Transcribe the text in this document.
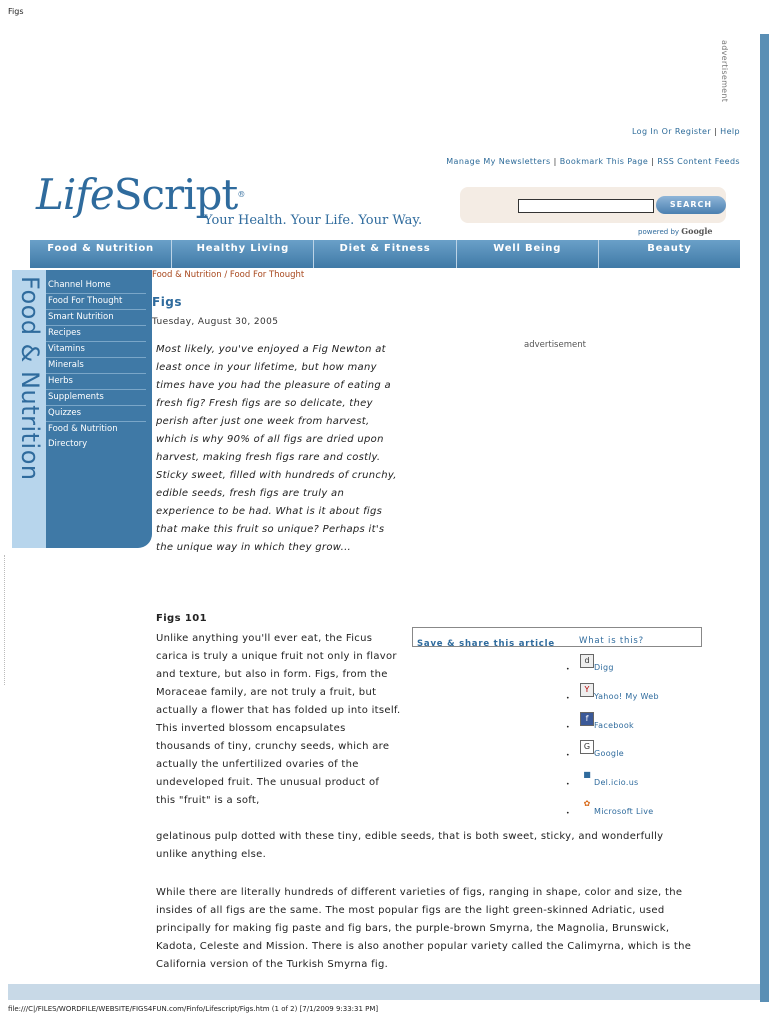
Figs
advertisement
Log In Or Register | Help
Manage My Newsletters | Bookmark This Page | RSS Content Feeds
LifeScript®
Your Health. Your Life. Your Way.
SEARCH
powered by Google
Food & Nutrition	Healthy Living	Diet & Fitness	Well Being	Beauty
Food & Nutrition Channel Home
Food For Thought
Smart Nutrition
Recipes
Vitamins
Minerals
Herbs
Supplements
Quizzes
Food & Nutrition
Directory
Food & Nutrition / Food For Thought
Figs
Tuesday, August 30, 2005
Most likely, you've enjoyed a Fig Newton at least once in your lifetime, but how many times have you had the pleasure of eating a fresh fig? Fresh figs are so delicate, they perish after just one week from harvest, which is why 90% of all figs are dried upon harvest, making fresh figs rare and costly. Sticky sweet, filled with hundreds of crunchy, edible seeds, fresh figs are truly an experience to be had. What is it about figs that make this fruit so unique? Perhaps it's the unique way in which they grow...
advertisement
Figs 101
Unlike anything you'll ever eat, the Ficus carica is truly a unique fruit not only in flavor and texture, but also in form. Figs, from the Moraceae family, are not truly a fruit, but actually a flower that has folded up into itself. This inverted blossom encapsulates thousands of tiny, crunchy seeds, which are actually the unfertilized ovaries of the undeveloped fruit. The unusual product of this "fruit" is a soft,
gelatinous pulp dotted with these tiny, edible seeds, that is both sweet, sticky, and wonderfully unlike anything else.
While there are literally hundreds of different varieties of figs, ranging in shape, color and size, the insides of all figs are the same. The most popular figs are the light green-skinned Adriatic, used principally for making fig paste and fig bars, the purple-brown Smyrna, the Magnolia, Brunswick, Kadota, Celeste and Mission. There is also another popular variety called the Calimyrna, which is the California version of the Turkish Smyrna fig.
Save & share this article	What is this?
•
d
Digg
•
Y
Yahoo! My Web
•
f
Facebook
•
G
Google
•
■
Del.icio.us
•
✿
Microsoft Live
file:///C|/FILES/WORDFILE/WEBSITE/FIGS4FUN.com/Finfo/Lifescript/Figs.htm (1 of 2) [7/1/2009 9:33:31 PM]
